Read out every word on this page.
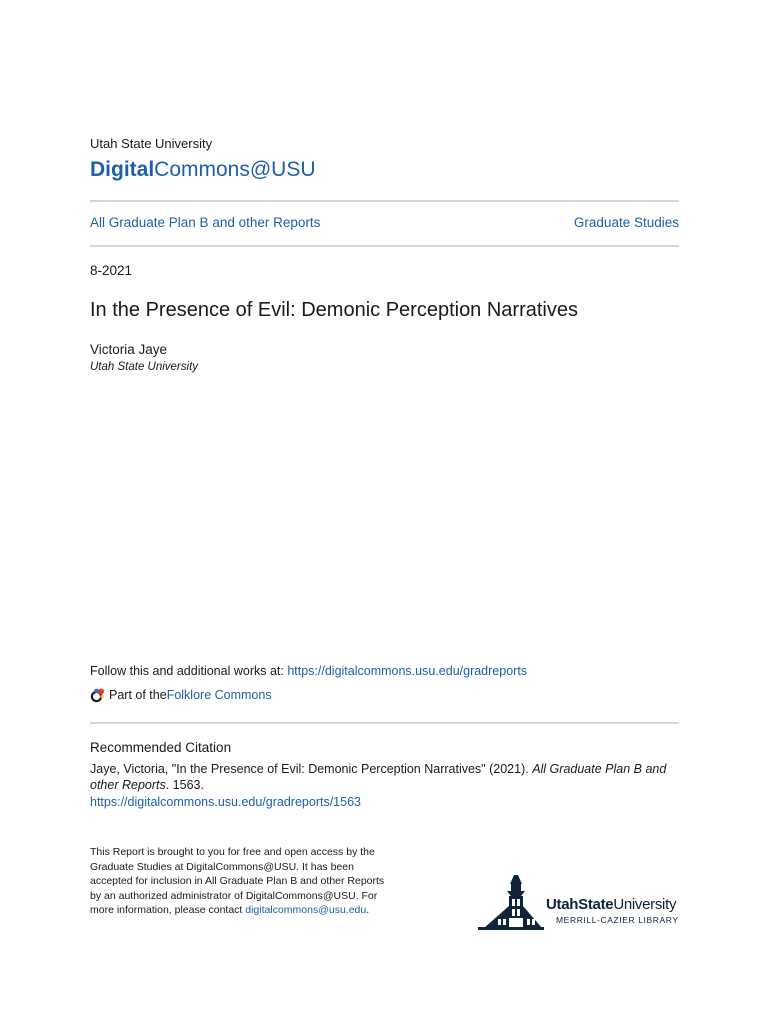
Utah State University
DigitalCommons@USU
All Graduate Plan B and other Reports	Graduate Studies
8-2021
In the Presence of Evil: Demonic Perception Narratives
Victoria Jaye
Utah State University
Follow this and additional works at: https://digitalcommons.usu.edu/gradreports
Part of the Folklore Commons
Recommended Citation
Jaye, Victoria, "In the Presence of Evil: Demonic Perception Narratives" (2021). All Graduate Plan B and other Reports. 1563.
https://digitalcommons.usu.edu/gradreports/1563
This Report is brought to you for free and open access by the Graduate Studies at DigitalCommons@USU. It has been accepted for inclusion in All Graduate Plan B and other Reports by an authorized administrator of DigitalCommons@USU. For more information, please contact digitalcommons@usu.edu.	UtahStateUniversity
MERRILL-CAZIER LIBRARY
